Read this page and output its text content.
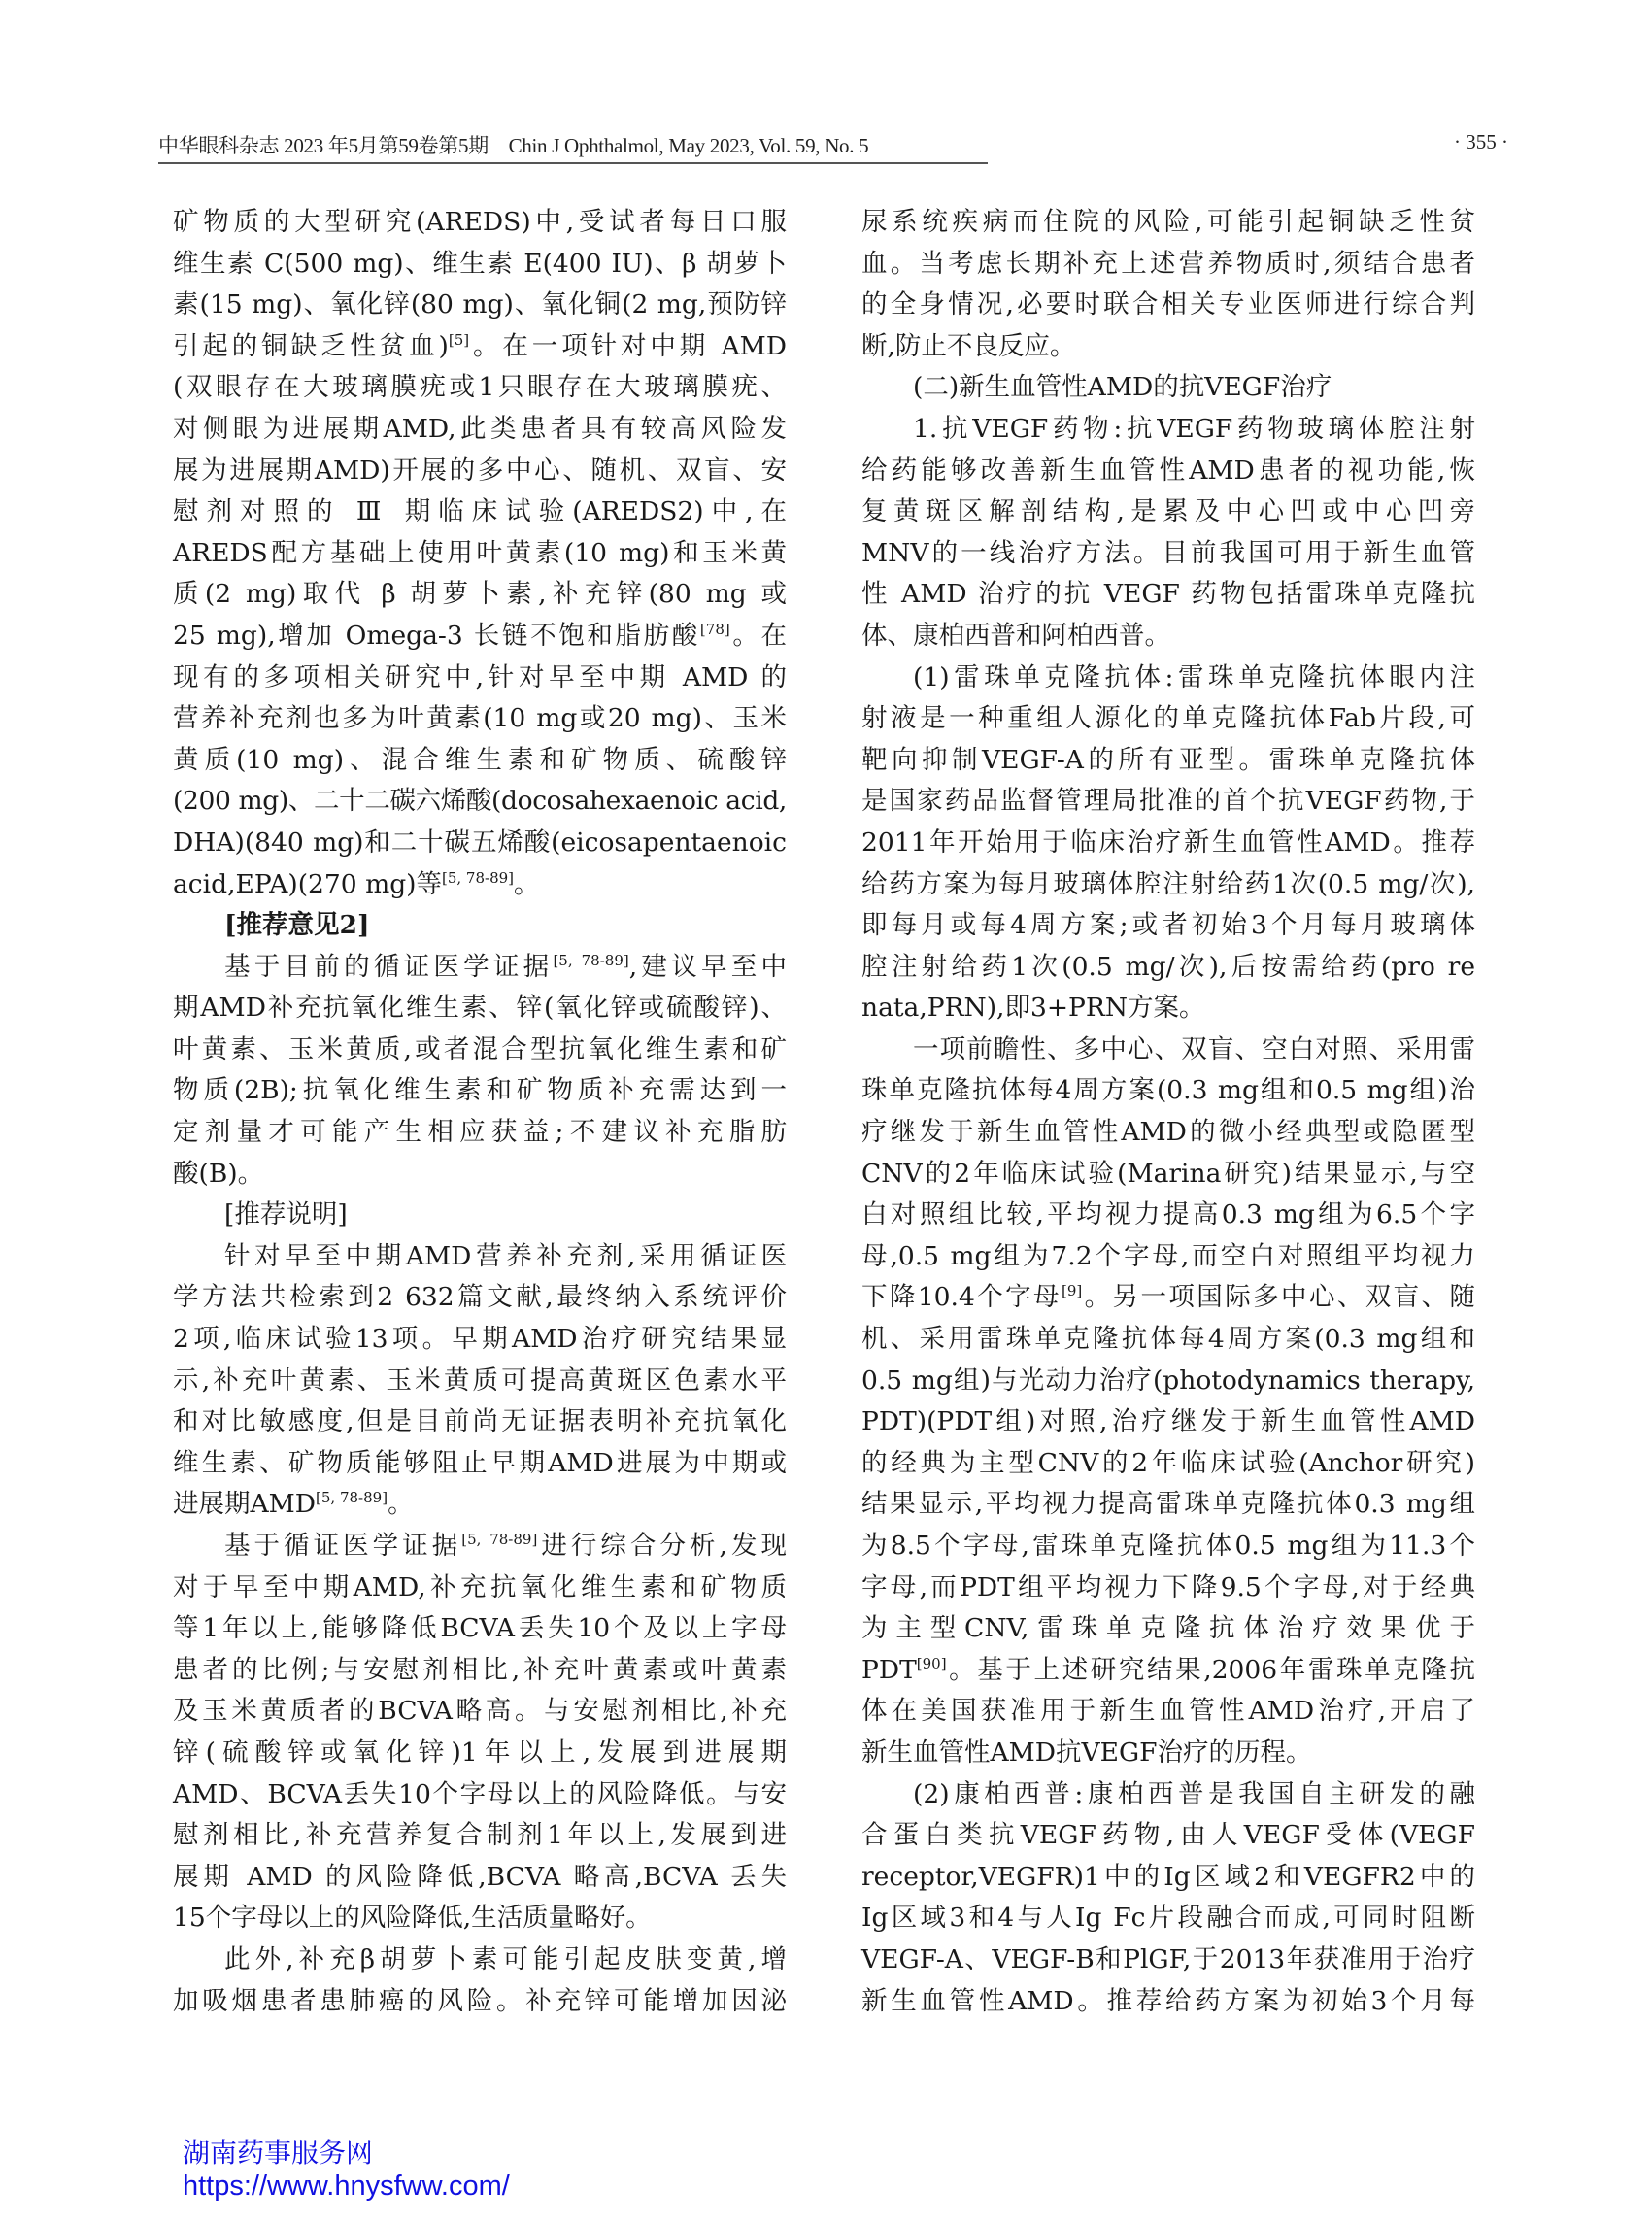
中华眼科杂志 2023 年5月第59卷第5期　Chin J Ophthalmol, May 2023, Vol. 59, No. 5	· 355 ·
矿物质的大型研究(AREDS)中,受试者每日口服
维生素 C(500 mg)、维生素 E(400 IU)、β 胡萝卜
素(15 mg)、氧化锌(80 mg)、氧化铜(2 mg,预防锌
引起的铜缺乏性贫血)[5]。在一项针对中期 AMD
(双眼存在大玻璃膜疣或1只眼存在大玻璃膜疣、
对侧眼为进展期AMD,此类患者具有较高风险发
展为进展期AMD)开展的多中心、随机、双盲、安
慰剂对照的 Ⅲ 期临床试验(AREDS2)中,在
AREDS配方基础上使用叶黄素(10 mg)和玉米黄
质(2 mg)取代 β 胡萝卜素,补充锌(80 mg 或
25 mg),增加 Omega-3 长链不饱和脂肪酸[78]。在
现有的多项相关研究中,针对早至中期 AMD 的
营养补充剂也多为叶黄素(10 mg或20 mg)、玉米
黄质(10 mg)、混合维生素和矿物质、硫酸锌
(200 mg)、二十二碳六烯酸(docosahexaenoic acid,
DHA)(840 mg)和二十碳五烯酸(eicosapentaenoic
acid,EPA)(270 mg)等[5, 78-89]。
[推荐意见2]
基于目前的循证医学证据[5, 78-89],建议早至中
期AMD补充抗氧化维生素、锌(氧化锌或硫酸锌)、
叶黄素、玉米黄质,或者混合型抗氧化维生素和矿
物质(2B);抗氧化维生素和矿物质补充需达到一
定剂量才可能产生相应获益;不建议补充脂肪
酸(B)。
[推荐说明]
针对早至中期AMD营养补充剂,采用循证医
学方法共检索到2 632篇文献,最终纳入系统评价
2项,临床试验13项。早期AMD治疗研究结果显
示,补充叶黄素、玉米黄质可提高黄斑区色素水平
和对比敏感度,但是目前尚无证据表明补充抗氧化
维生素、矿物质能够阻止早期AMD进展为中期或
进展期AMD[5, 78-89]。
基于循证医学证据[5, 78-89]进行综合分析,发现
对于早至中期AMD,补充抗氧化维生素和矿物质
等1年以上,能够降低BCVA丢失10个及以上字母
患者的比例;与安慰剂相比,补充叶黄素或叶黄素
及玉米黄质者的BCVA略高。与安慰剂相比,补充
锌(硫酸锌或氧化锌)1年以上,发展到进展期
AMD、BCVA丢失10个字母以上的风险降低。与安
慰剂相比,补充营养复合制剂1年以上,发展到进
展期 AMD 的风险降低,BCVA 略高,BCVA 丢失
15个字母以上的风险降低,生活质量略好。
此外,补充β胡萝卜素可能引起皮肤变黄,增
加吸烟患者患肺癌的风险。补充锌可能增加因泌
尿系统疾病而住院的风险,可能引起铜缺乏性贫
血。当考虑长期补充上述营养物质时,须结合患者
的全身情况,必要时联合相关专业医师进行综合判
断,防止不良反应。
(二)新生血管性AMD的抗VEGF治疗
1.抗VEGF药物:抗VEGF药物玻璃体腔注射
给药能够改善新生血管性AMD患者的视功能,恢
复黄斑区解剖结构,是累及中心凹或中心凹旁
MNV的一线治疗方法。目前我国可用于新生血管
性 AMD 治疗的抗 VEGF 药物包括雷珠单克隆抗
体、康柏西普和阿柏西普。
(1)雷珠单克隆抗体:雷珠单克隆抗体眼内注
射液是一种重组人源化的单克隆抗体Fab片段,可
靶向抑制VEGF-A的所有亚型。雷珠单克隆抗体
是国家药品监督管理局批准的首个抗VEGF药物,于
2011年开始用于临床治疗新生血管性AMD。推荐
给药方案为每月玻璃体腔注射给药1次(0.5 mg/次),
即每月或每4周方案;或者初始3个月每月玻璃体
腔注射给药1次(0.5 mg/次),后按需给药(pro re
nata,PRN),即3+PRN方案。
一项前瞻性、多中心、双盲、空白对照、采用雷
珠单克隆抗体每4周方案(0.3 mg组和0.5 mg组)治
疗继发于新生血管性AMD的微小经典型或隐匿型
CNV的2年临床试验(Marina研究)结果显示,与空
白对照组比较,平均视力提高0.3 mg组为6.5个字
母,0.5 mg组为7.2个字母,而空白对照组平均视力
下降10.4个字母[9]。另一项国际多中心、双盲、随
机、采用雷珠单克隆抗体每4周方案(0.3 mg组和
0.5 mg组)与光动力治疗(photodynamics therapy,
PDT)(PDT组)对照,治疗继发于新生血管性AMD
的经典为主型CNV的2年临床试验(Anchor研究)
结果显示,平均视力提高雷珠单克隆抗体0.3 mg组
为8.5个字母,雷珠单克隆抗体0.5 mg组为11.3个
字母,而PDT组平均视力下降9.5个字母,对于经典
为主型CNV,雷珠单克隆抗体治疗效果优于
PDT[90]。基于上述研究结果,2006年雷珠单克隆抗
体在美国获准用于新生血管性AMD治疗,开启了
新生血管性AMD抗VEGF治疗的历程。
(2)康柏西普:康柏西普是我国自主研发的融
合蛋白类抗VEGF药物,由人VEGF受体(VEGF
receptor,VEGFR)1中的Ig区域2和VEGFR2中的
Ig区域3和4与人Ig Fc片段融合而成,可同时阻断
VEGF-A、VEGF-B和PlGF,于2013年获准用于治疗
新生血管性AMD。推荐给药方案为初始3个月每
湖南药事服务网
https://www.hnysfww.com/
